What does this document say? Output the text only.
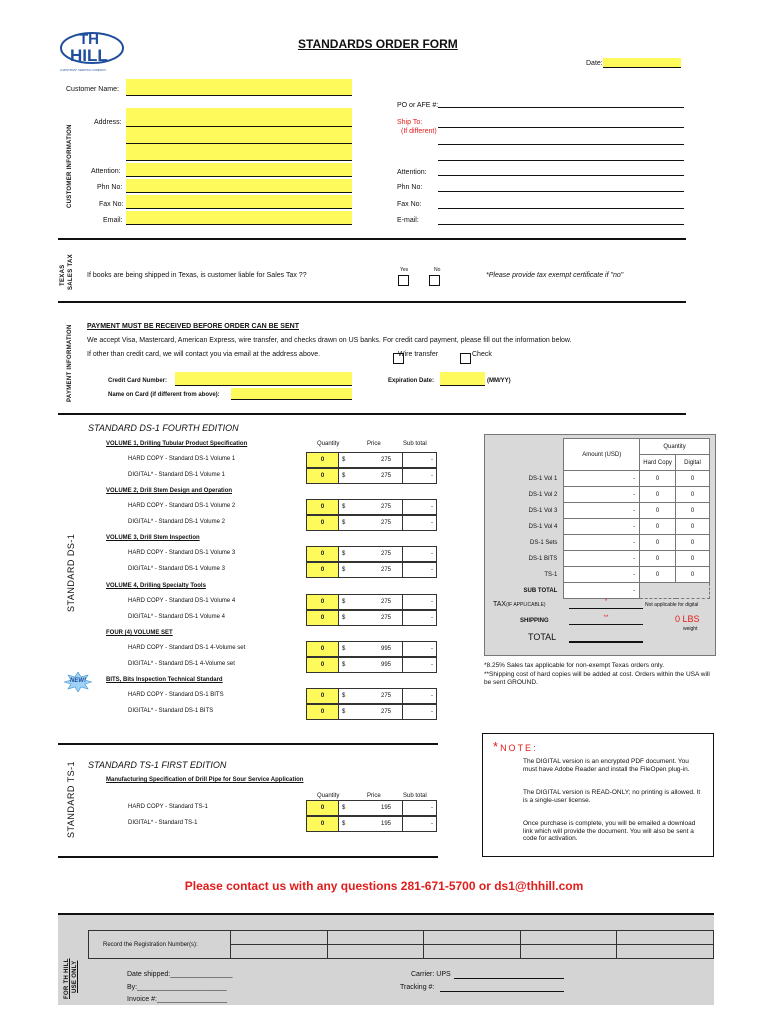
TH
HILL
A MISTRAS* VERITAS COMPANY
STANDARDS ORDER FORM
Date:
CUSTOMER INFORMATION
Customer Name:
Address:
Attention:
Phn No:
Fax No:
Email:
PO or AFE #:
Ship To:
(If different)
Attention:
Phn No:
Fax No:
E-mail:
TEXAS SALES TAX If books are being shipped in Texas, is customer liable for Sales Tax ??
Yes	No
*Please provide tax exempt certificate if "no"
PAYMENT INFORMATION PAYMENT MUST BE RECEIVED BEFORE ORDER CAN BE SENT
We accept Visa, Mastercard, American Express, wire transfer, and checks drawn on US banks. For credit card payment, please fill out the information below.
If other than credit card, we will contact you via email at the address above.	Wire transfer	Check
Credit Card Number:	Expiration Date:	(MM/YY)
Name on Card (if different from above):
STANDARD DS-1
STANDARD DS-1 FOURTH EDITION
Quantity	Price	Sub total
NEW!
VOLUME 1, Drilling Tubular Product Specification
HARD COPY - Standard DS-1 Volume 1	0	$	275	-
DIGITAL* - Standard DS-1 Volume 1	0	$	275	-
VOLUME 2, Drill Stem Design and Operation
HARD COPY - Standard DS-1 Volume 2	0	$	275	-
DIGITAL* - Standard DS-1 Volume 2	0	$	275	-
VOLUME 3, Drill Stem Inspection
HARD COPY - Standard DS-1 Volume 3	0	$	275	-
DIGITAL* - Standard DS-1 Volume 3	0	$	275	-
VOLUME 4, Drilling Specialty Tools
HARD COPY - Standard DS-1 Volume 4	0	$	275	-
DIGITAL* - Standard DS-1 Volume 4	0	$	275	-
FOUR (4) VOLUME SET
HARD COPY - Standard DS-1 4-Volume set	0	$	995	-
DIGITAL* - Standard DS-1 4-Volume set	0	$	995	-
BITS, Bits Inspection Technical Standard
HARD COPY - Standard DS-1 BITS	0	$	275	-
DIGITAL* - Standard DS-1 BITS	0	$	275	-
	Amount (USD)	Quantity	
		Hard Copy	Digital
DS-1 Vol 1	-	0	0
DS-1 Vol 2	-	0	0
DS-1 Vol 3	-	0	0
DS-1 Vol 4	-	0	0
DS-1 Sets	-	0	0
DS-1 BITS	-	0	0
TS-1	-	0	0
SUB TOTAL	-		
TAX(IF APPLICABLE)	*	Not applicable for digital
SHIPPING	**	0 LBS
weight
TOTAL
*8.25% Sales tax applicable for non-exempt Texas orders only.
**Shipping cost of hard copies will be added at cost. Orders within the USA will be sent GROUND.
STANDARD TS-1 STANDARD TS-1 FIRST EDITION
Manufacturing Specification of Drill Pipe for Sour Service Application
Quantity	Price	Sub total
HARD COPY - Standard TS-1	0	$	195	-
DIGITAL* - Standard TS-1	0	$	195	-
*NOTE:
The DIGITAL version is an encrypted PDF document. You must have Adobe Reader and install the FileOpen plug-in.
The DIGITAL version is READ-ONLY; no printing is allowed. It is a single-user license.
Once purchase is complete, you will be emailed a download link which will provide the document. You will also be sent a code for activation.
Please contact us with any questions 281-671-5700 or ds1@thhill.com
FOR TH HILL USE ONLY
Record the Registration Number(s):					

Date shipped:________________
By:_______________________
Invoice #:__________________
Carrier: UPS
Tracking #:
